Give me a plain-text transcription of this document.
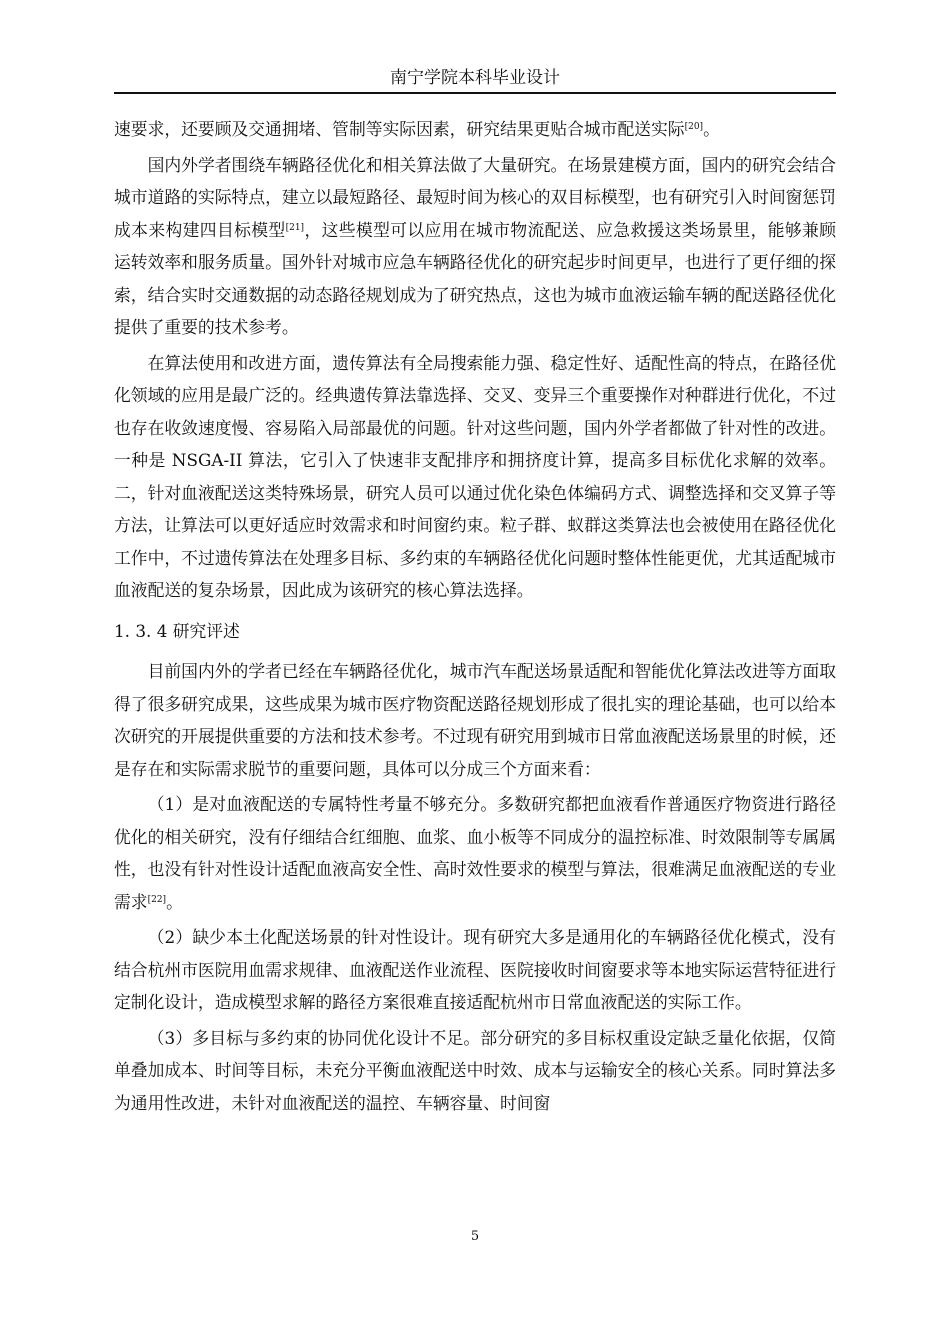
南宁学院本科毕业设计

速要求，还要顾及交通拥堵、管制等实际因素，研究结果更贴合城市配送实际[20]。

国内外学者围绕车辆路径优化和相关算法做了大量研究。在场景建模方面，国内的研究会结合城市道路的实际特点，建立以最短路径、最短时间为核心的双目标模型，也有研究引入时间窗惩罚成本来构建四目标模型[21]，这些模型可以应用在城市物流配送、应急救援这类场景里，能够兼顾运转效率和服务质量。国外针对城市应急车辆路径优化的研究起步时间更早，也进行了更仔细的探索，结合实时交通数据的动态路径规划成为了研究热点，这也为城市血液运输车辆的配送路径优化提供了重要的技术参考。

在算法使用和改进方面，遗传算法有全局搜索能力强、稳定性好、适配性高的特点，在路径优化领域的应用是最广泛的。经典遗传算法靠选择、交叉、变异三个重要操作对种群进行优化，不过也存在收敛速度慢、容易陷入局部最优的问题。针对这些问题，国内外学者都做了针对性的改进。一种是 NSGA-II 算法，它引入了快速非支配排序和拥挤度计算，提高多目标优化求解的效率。二，针对血液配送这类特殊场景，研究人员可以通过优化染色体编码方式、调整选择和交叉算子等方法，让算法可以更好适应时效需求和时间窗约束。粒子群、蚁群这类算法也会被使用在路径优化工作中，不过遗传算法在处理多目标、多约束的车辆路径优化问题时整体性能更优，尤其适配城市血液配送的复杂场景，因此成为该研究的核心算法选择。

1. 3. 4 研究评述

目前国内外的学者已经在车辆路径优化，城市汽车配送场景适配和智能优化算法改进等方面取得了很多研究成果，这些成果为城市医疗物资配送路径规划形成了很扎实的理论基础，也可以给本次研究的开展提供重要的方法和技术参考。不过现有研究用到城市日常血液配送场景里的时候，还是存在和实际需求脱节的重要问题，具体可以分成三个方面来看：

（1）是对血液配送的专属特性考量不够充分。多数研究都把血液看作普通医疗物资进行路径优化的相关研究，没有仔细结合红细胞、血浆、血小板等不同成分的温控标准、时效限制等专属属性，也没有针对性设计适配血液高安全性、高时效性要求的模型与算法，很难满足血液配送的专业需求[22]。

（2）缺少本土化配送场景的针对性设计。现有研究大多是通用化的车辆路径优化模式，没有结合杭州市医院用血需求规律、血液配送作业流程、医院接收时间窗要求等本地实际运营特征进行定制化设计，造成模型求解的路径方案很难直接适配杭州市日常血液配送的实际工作。

（3）多目标与多约束的协同优化设计不足。部分研究的多目标权重设定缺乏量化依据，仅简单叠加成本、时间等目标，未充分平衡血液配送中时效、成本与运输安全的核心关系。同时算法多为通用性改进，未针对血液配送的温控、车辆容量、时间窗

5
